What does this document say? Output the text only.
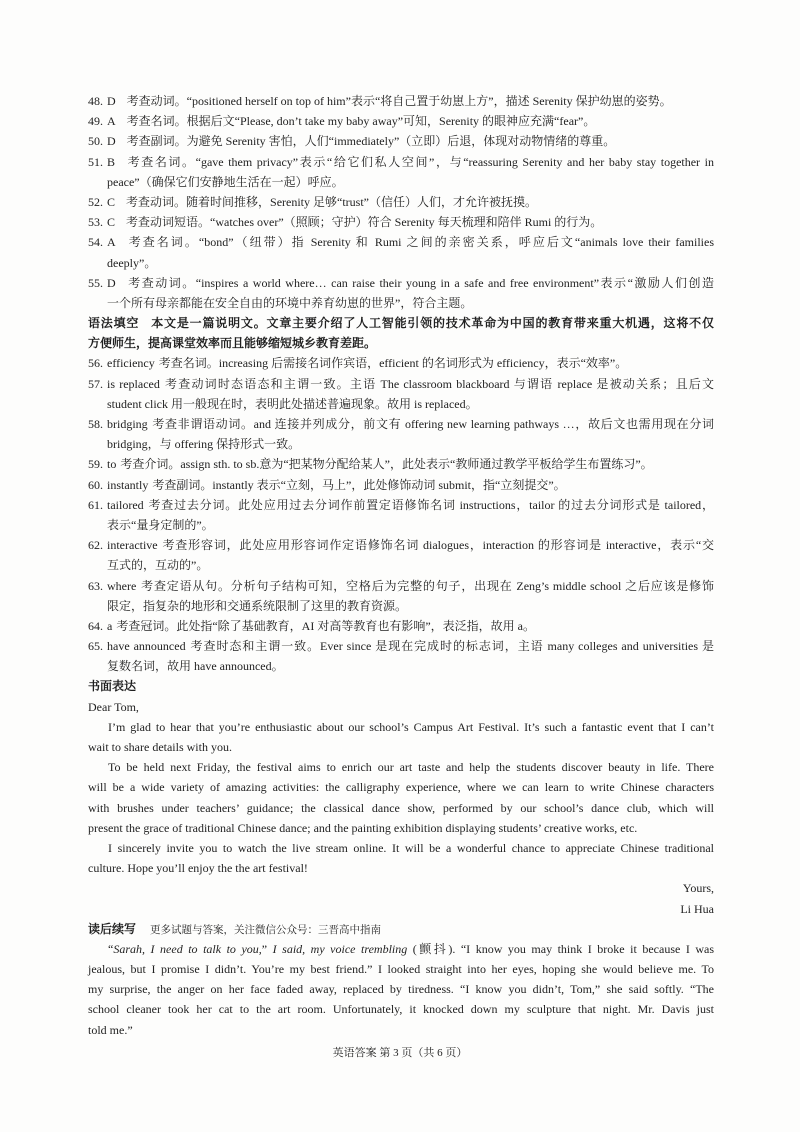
48. D 考查动词。“positioned herself on top of him”表示“将自己置于幼崽上方”，描述 Serenity 保护幼崽的姿势。
49. A 考查名词。根据后文“Please, don’t take my baby away”可知，Serenity 的眼神应充满“fear”。
50. D 考查副词。为避免 Serenity 害怕，人们“immediately”（立即）后退，体现对动物情绪的尊重。
51. B 考查名词。“gave them privacy”表示“给它们私人空间”，与“reassuring Serenity and her baby stay together in
peace”（确保它们安静地生活在一起）呼应。
52. C 考查动词。随着时间推移，Serenity 足够“trust”（信任）人们，才允许被抚摸。
53. C 考查动词短语。“watches over”（照顾；守护）符合 Serenity 每天梳理和陪伴 Rumi 的行为。
54. A 考查名词。“bond”（纽带）指 Serenity 和 Rumi 之间的亲密关系，呼应后文“animals love their families
deeply”。
55. D 考查动词。“inspires a world where… can raise their young in a safe and free environment”表示“激励人们创造
一个所有母亲都能在安全自由的环境中养育幼崽的世界”，符合主题。
语法填空 本文是一篇说明文。文章主要介绍了人工智能引领的技术革命为中国的教育带来重大机遇，这将不仅
方便师生，提高课堂效率而且能够缩短城乡教育差距。
56. efficiency 考查名词。increasing 后需接名词作宾语，efficient 的名词形式为 efficiency，表示“效率”。
57. is replaced 考查动词时态语态和主谓一致。主语 The classroom blackboard 与谓语 replace 是被动关系；且后文
student click 用一般现在时，表明此处描述普遍现象。故用 is replaced。
58. bridging 考查非谓语动词。and 连接并列成分，前文有 offering new learning pathways …，故后文也需用现在分词
bridging，与 offering 保持形式一致。
59. to 考查介词。assign sth. to sb.意为“把某物分配给某人”，此处表示“教师通过教学平板给学生布置练习”。
60. instantly 考查副词。instantly 表示“立刻，马上”，此处修饰动词 submit，指“立刻提交”。
61. tailored 考查过去分词。此处应用过去分词作前置定语修饰名词 instructions，tailor 的过去分词形式是 tailored，
表示“量身定制的”。
62. interactive 考查形容词，此处应用形容词作定语修饰名词 dialogues，interaction 的形容词是 interactive，表示“交
互式的，互动的”。
63. where 考查定语从句。分析句子结构可知，空格后为完整的句子，出现在 Zeng’s middle school 之后应该是修饰
限定，指复杂的地形和交通系统限制了这里的教育资源。
64. a 考查冠词。此处指“除了基础教育，AI 对高等教育也有影响”，表泛指，故用 a。
65. have announced 考查时态和主谓一致。Ever since 是现在完成时的标志词，主语 many colleges and universities 是
复数名词，故用 have announced。
书面表达
Dear Tom,
I’m glad to hear that you’re enthusiastic about our school’s Campus Art Festival. It’s such a fantastic event that I can’t
wait to share details with you.
To be held next Friday, the festival aims to enrich our art taste and help the students discover beauty in life. There
will be a wide variety of amazing activities: the calligraphy experience, where we can learn to write Chinese characters
with brushes under teachers’ guidance; the classical dance show, performed by our school’s dance club, which will
present the grace of traditional Chinese dance; and the painting exhibition displaying students’ creative works, etc.
I sincerely invite you to watch the live stream online. It will be a wonderful chance to appreciate Chinese traditional
culture. Hope you’ll enjoy the the art festival!
Yours,
Li Hua
读后续写 更多试题与答案，关注微信公众号：三晋高中指南
“Sarah, I need to talk to you,” I said, my voice trembling (颤抖). “I know you may think I broke it because I was
jealous, but I promise I didn’t. You’re my best friend.” I looked straight into her eyes, hoping she would believe me. To
my surprise, the anger on her face faded away, replaced by tiredness. “I know you didn’t, Tom,” she said softly. “The
school cleaner took her cat to the art room. Unfortunately, it knocked down my sculpture that night. Mr. Davis just
told me.”
英语答案 第 3 页（共 6 页）
